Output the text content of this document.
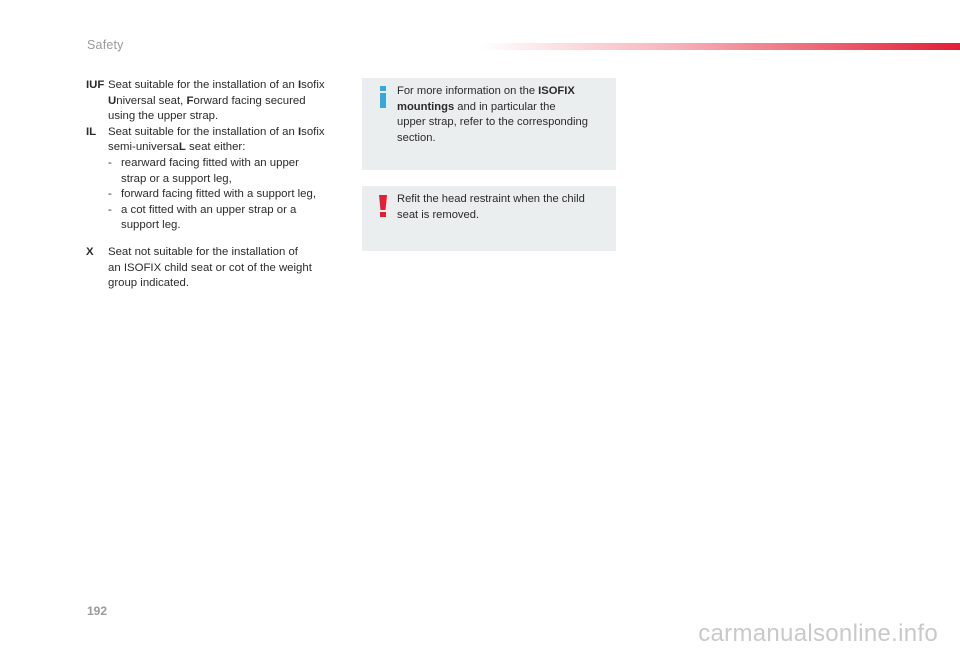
Safety
IUF Seat suitable for the installation of an Isofix
Universal seat, Forward facing secured
using the upper strap.
IL	Seat suitable for the installation of an Isofix
semi-universaL seat either:
- rearward facing fitted with an upper
strap or a support leg,
- forward facing fitted with a support leg,
- a cot fitted with an upper strap or a
support leg.
X	Seat not suitable for the installation of
an ISOFIX child seat or cot of the weight
group indicated.
For more information on the ISOFIX
mountings and in particular the
upper strap, refer to the corresponding
section.
Refit the head restraint when the child
seat is removed.
192
carmanualsonline.info
